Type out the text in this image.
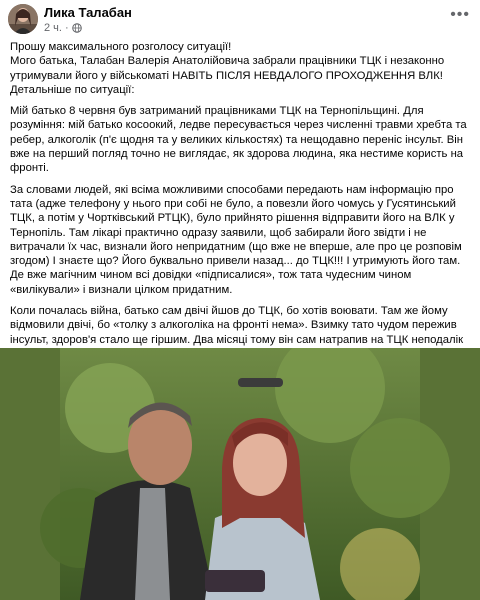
Лика Талабан
2 ч. ·
•••

Прошу максимального розголосу ситуації!

Мого батька, Талабан Валерія Анатолійовича забрали працівники ТЦК і незаконно утримували його у військоматі НАВІТЬ ПІСЛЯ НЕВДАЛОГО ПРОХОДЖЕННЯ ВЛК! Детальніше по ситуації:

Мій батько 8 червня був затриманий працівниками ТЦК на Тернопільщині. Для розуміння: мій батько косоокий, ледве пересувається через численні травми хребта та ребер, алкоголік (п'є щодня та у великих кількостях) та нещодавно переніс інсульт. Він вже на перший погляд точно не виглядає, як здорова людина, яка нестиме користь на фронті.

За словами людей, які всіма можливими способами передають нам інформацію про тата (адже телефону у нього при собі не було, а повезли його чомусь у Гусятинський ТЦК, а потім у Чортківський РТЦК), було прийнято рішення відправити його на ВЛК у Тернопіль. Там лікарі практично одразу заявили, щоб забирали його звідти і не витрачали їх час, визнали його непридатним (що вже не вперше, але про це розповім згодом) І знаєте що? Його буквально привели назад... до ТЦК!!! І утримують його там. Де вже магічним чином всі довідки «підписалися», тож тата чудесним чином «вилікували» і визнали цілком придатним.

Коли почалась війна, батько сам двічі йшов до ТЦК, бо хотів воювати. Там же йому відмовили двічі, бо «толку з алкоголіка на фронті нема». Взимку тато чудом пережив інсульт, здоров'я стало ще гіршим. Два місяці тому він сам натрапив на ТЦК неподалік
